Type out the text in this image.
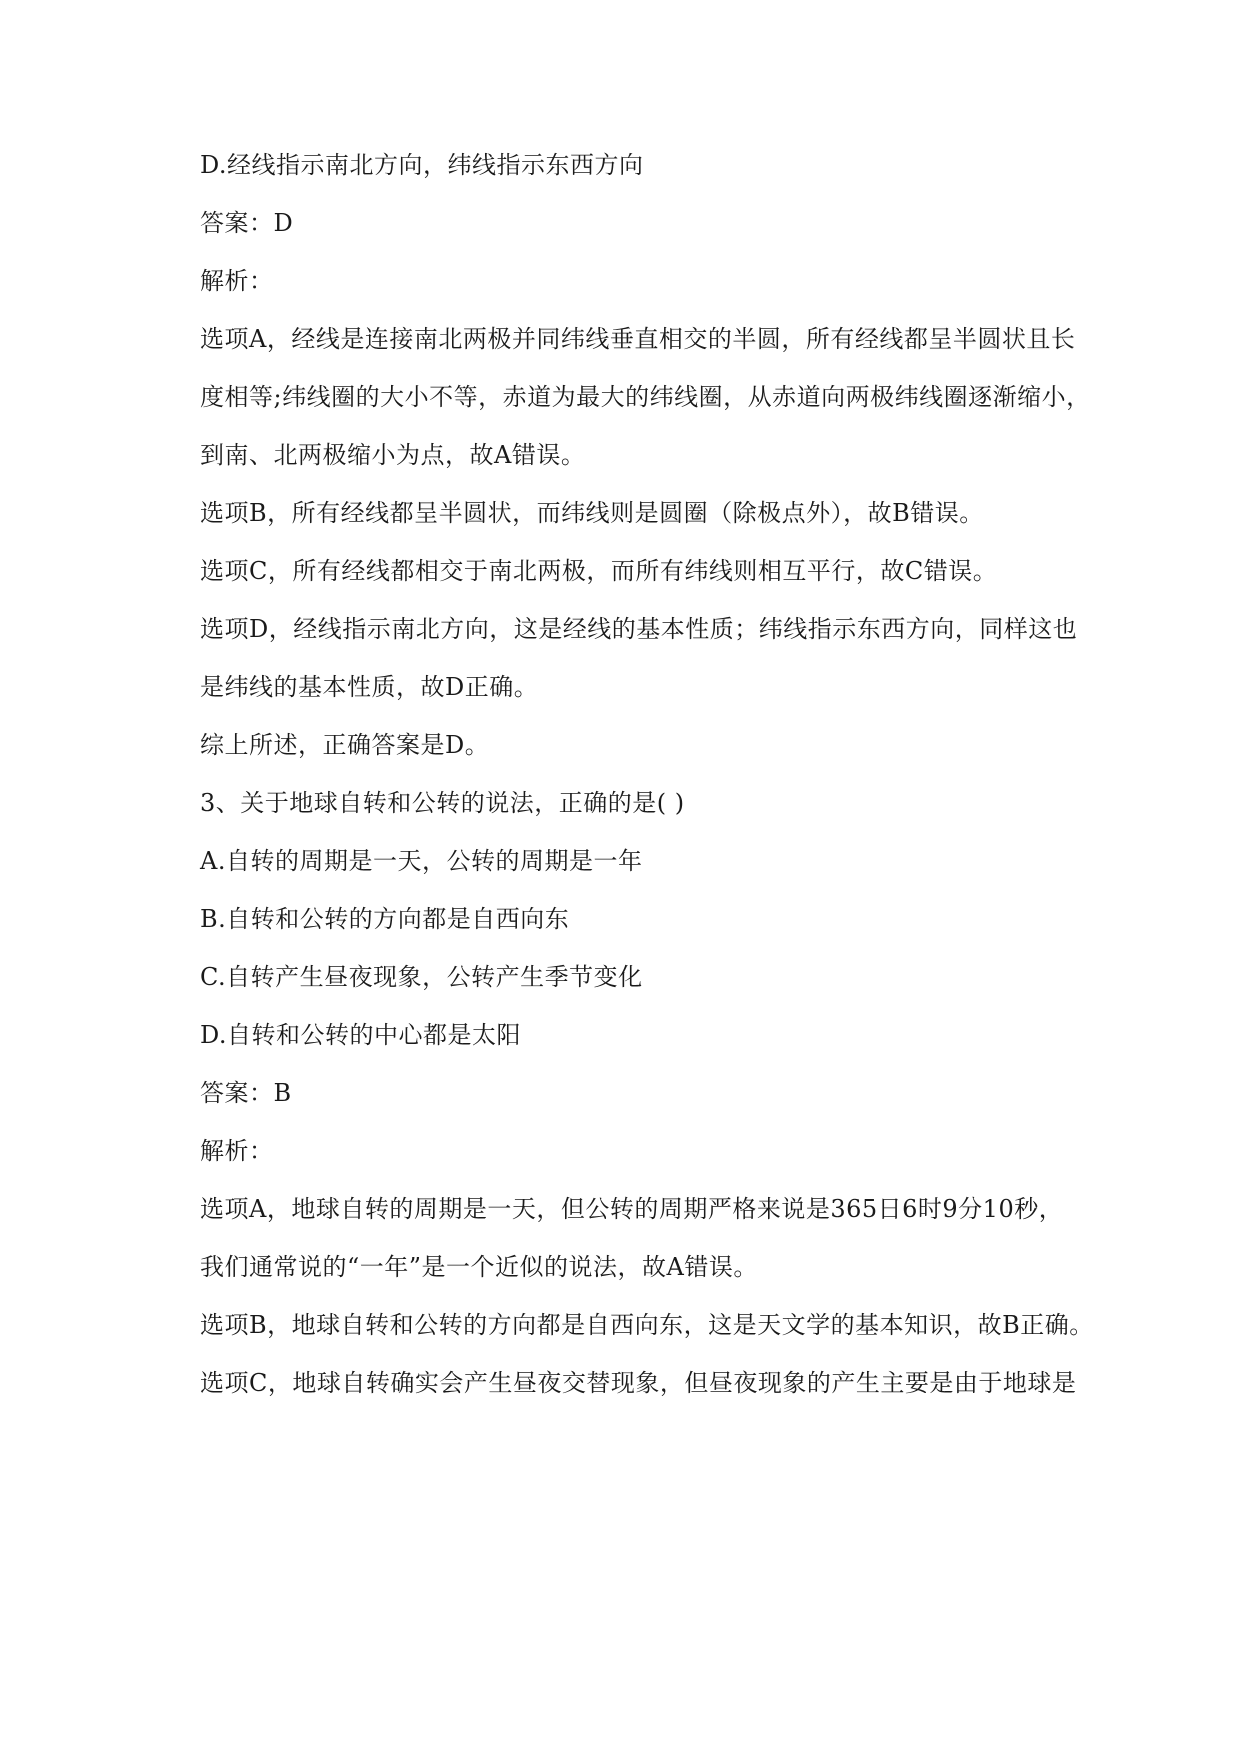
D.经线指示南北方向，纬线指示东西方向
答案：D
解析：
选项A，经线是连接南北两极并同纬线垂直相交的半圆，所有经线都呈半圆状且长
度相等;纬线圈的大小不等，赤道为最大的纬线圈，从赤道向两极纬线圈逐渐缩小，
到南、北两极缩小为点，故A错误。
选项B，所有经线都呈半圆状，而纬线则是圆圈（除极点外），故B错误。
选项C，所有经线都相交于南北两极，而所有纬线则相互平行，故C错误。
选项D，经线指示南北方向，这是经线的基本性质；纬线指示东西方向，同样这也
是纬线的基本性质，故D正确。
综上所述，正确答案是D。
3、关于地球自转和公转的说法，正确的是( )
A.自转的周期是一天，公转的周期是一年
B.自转和公转的方向都是自西向东
C.自转产生昼夜现象，公转产生季节变化
D.自转和公转的中心都是太阳
答案：B
解析：
选项A，地球自转的周期是一天，但公转的周期严格来说是365日6时9分10秒，
我们通常说的“一年”是一个近似的说法，故A错误。
选项B，地球自转和公转的方向都是自西向东，这是天文学的基本知识，故B正确。
选项C，地球自转确实会产生昼夜交替现象，但昼夜现象的产生主要是由于地球是
